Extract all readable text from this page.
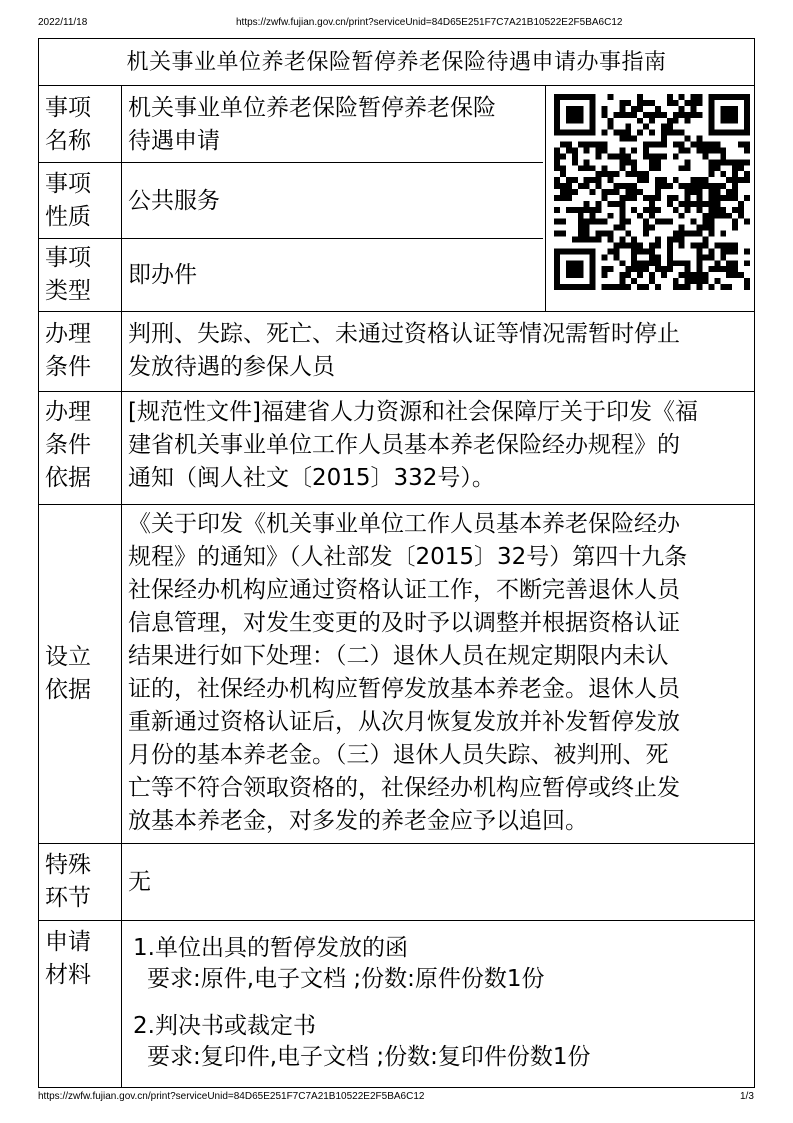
2022/11/18	https://zwfw.fujian.gov.cn/print?serviceUnid=84D65E251F7C7A21B10522E2F5BA6C12
机关事业单位养老保险暂停养老保险待遇申请办事指南
事项
名称
机关事业单位养老保险暂停养老保险
待遇申请
事项
性质
公共服务
事项
类型
即办件
办理
条件
判刑、失踪、死亡、未通过资格认证等情况需暂时停止
发放待遇的参保人员
办理
条件
依据
[规范性文件]福建省人力资源和社会保障厅关于印发《福
建省机关事业单位工作人员基本养老保险经办规程》的
通知（闽人社文〔2015〕332号）。
设立
依据
《关于印发《机关事业单位工作人员基本养老保险经办
规程》的通知》（人社部发〔2015〕32号）第四十九条
社保经办机构应通过资格认证工作，不断完善退休人员
信息管理，对发生变更的及时予以调整并根据资格认证
结果进行如下处理：（二）退休人员在规定期限内未认
证的，社保经办机构应暂停发放基本养老金。退休人员
重新通过资格认证后，从次月恢复发放并补发暂停发放
月份的基本养老金。（三）退休人员失踪、被判刑、死
亡等不符合领取资格的，社保经办机构应暂停或终止发
放基本养老金，对多发的养老金应予以追回。
特殊
环节
无
申请
材料
1.单位出具的暂停发放的函
要求:原件,电子文档 ;份数:原件份数1份
2.判决书或裁定书
要求:复印件,电子文档 ;份数:复印件份数1份
https://zwfw.fujian.gov.cn/print?serviceUnid=84D65E251F7C7A21B10522E2F5BA6C12	1/3
